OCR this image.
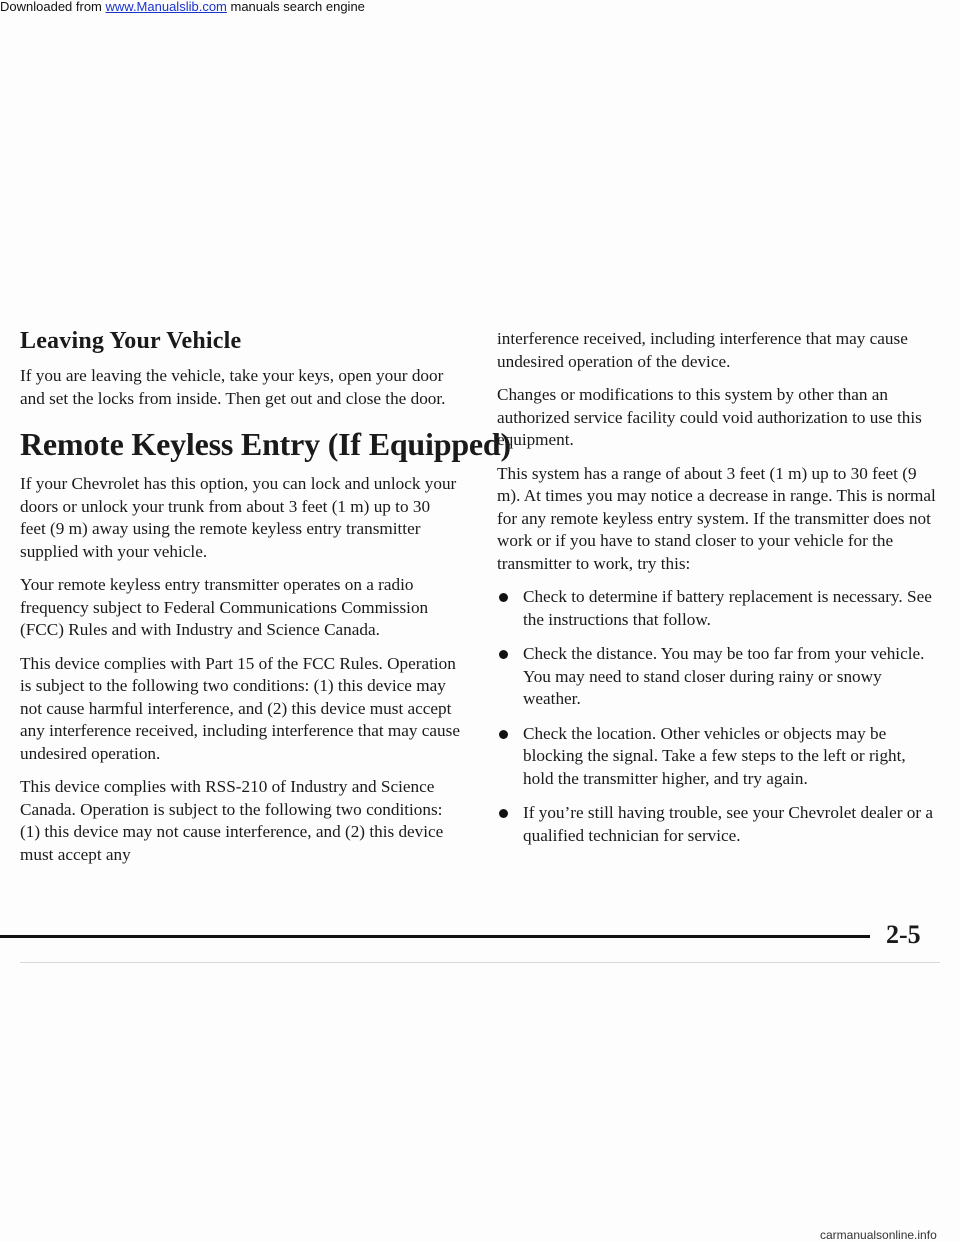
Downloaded from www.Manualslib.com manuals search engine
Leaving Your Vehicle

If you are leaving the vehicle, take your keys, open your door and set the locks from inside. Then get out and close the door.

Remote Keyless Entry (If Equipped)

If your Chevrolet has this option, you can lock and unlock your doors or unlock your trunk from about 3 feet (1 m) up to 30 feet (9 m) away using the remote keyless entry transmitter supplied with your vehicle.

Your remote keyless entry transmitter operates on a radio frequency subject to Federal Communications Commission (FCC) Rules and with Industry and Science Canada.

This device complies with Part 15 of the FCC Rules. Operation is subject to the following two conditions: (1) this device may not cause harmful interference, and (2) this device must accept any interference received, including interference that may cause undesired operation.

This device complies with RSS-210 of Industry and Science Canada. Operation is subject to the following two conditions: (1) this device may not cause interference, and (2) this device must accept any

interference received, including interference that may cause undesired operation of the device.

Changes or modifications to this system by other than an authorized service facility could void authorization to use this equipment.

This system has a range of about 3 feet (1 m) up to 30 feet (9 m). At times you may notice a decrease in range. This is normal for any remote keyless entry system. If the transmitter does not work or if you have to stand closer to your vehicle for the transmitter to work, try this:

Check to determine if battery replacement is necessary. See the instructions that follow.
Check the distance. You may be too far from your vehicle. You may need to stand closer during rainy or snowy weather.
Check the location. Other vehicles or objects may be blocking the signal. Take a few steps to the left or right, hold the transmitter higher, and try again.
If you’re still having trouble, see your Chevrolet dealer or a qualified technician for service.
2-5
carmanualsonline.info
